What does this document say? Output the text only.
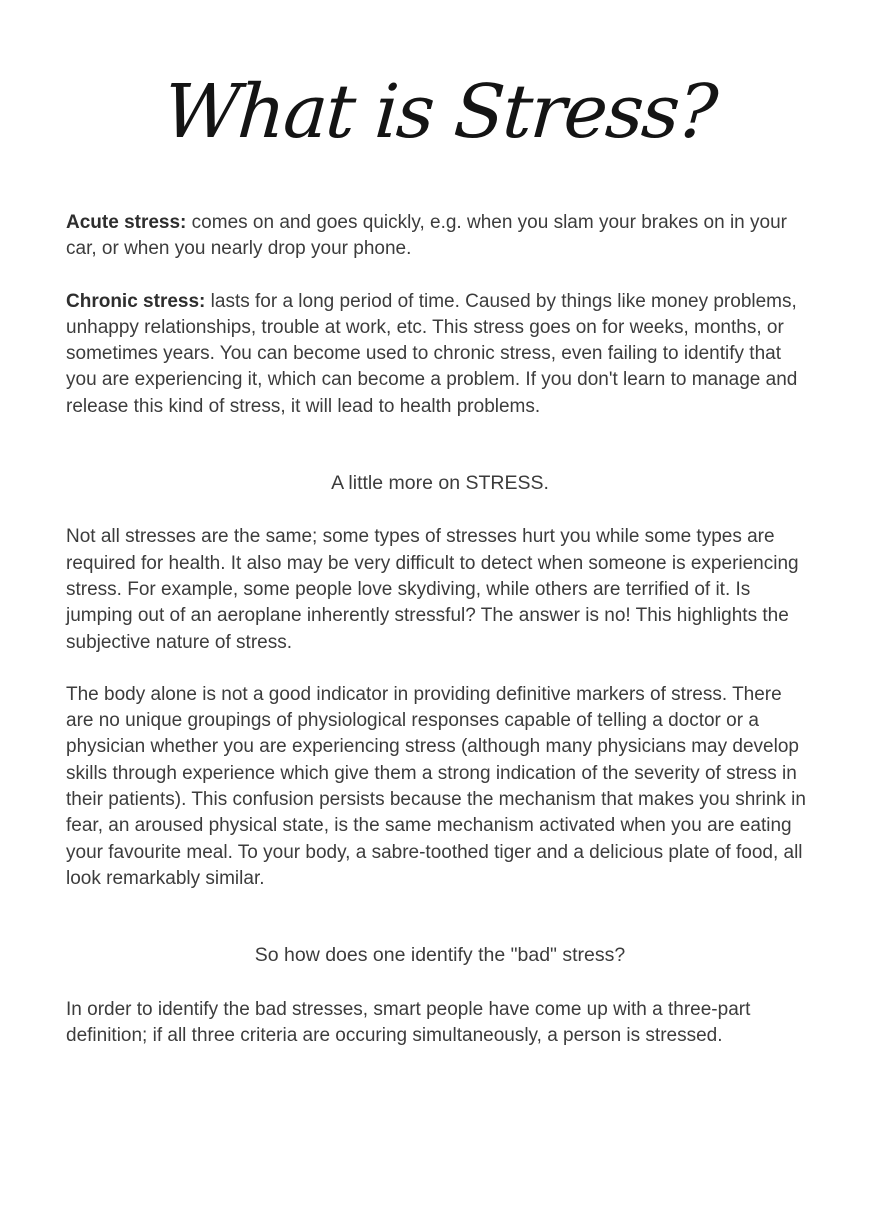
What is Stress?

Acute stress: comes on and goes quickly, e.g. when you slam your brakes on in your car, or when you nearly drop your phone.

Chronic stress: lasts for a long period of time. Caused by things like money problems, unhappy relationships, trouble at work, etc. This stress goes on for weeks, months, or sometimes years. You can become used to chronic stress, even failing to identify that you are experiencing it, which can become a problem. If you don't learn to manage and release this kind of stress, it will lead to health problems.

A little more on STRESS.

Not all stresses are the same; some types of stresses hurt you while some types are required for health. It also may be very difficult to detect when someone is experiencing stress. For example, some people love skydiving, while others are terrified of it. Is jumping out of an aeroplane inherently stressful? The answer is no! This highlights the subjective nature of stress.

The body alone is not a good indicator in providing definitive markers of stress. There are no unique groupings of physiological responses capable of telling a doctor or a physician whether you are experiencing stress (although many physicians may develop skills through experience which give them a strong indication of the severity of stress in their patients). This confusion persists because the mechanism that makes you shrink in fear, an aroused physical state, is the same mechanism activated when you are eating your favourite meal. To your body, a sabre-toothed tiger and a delicious plate of food, all look remarkably similar.

So how does one identify the "bad" stress?

In order to identify the bad stresses, smart people have come up with a three-part definition; if all three criteria are occuring simultaneously, a person is stressed.
